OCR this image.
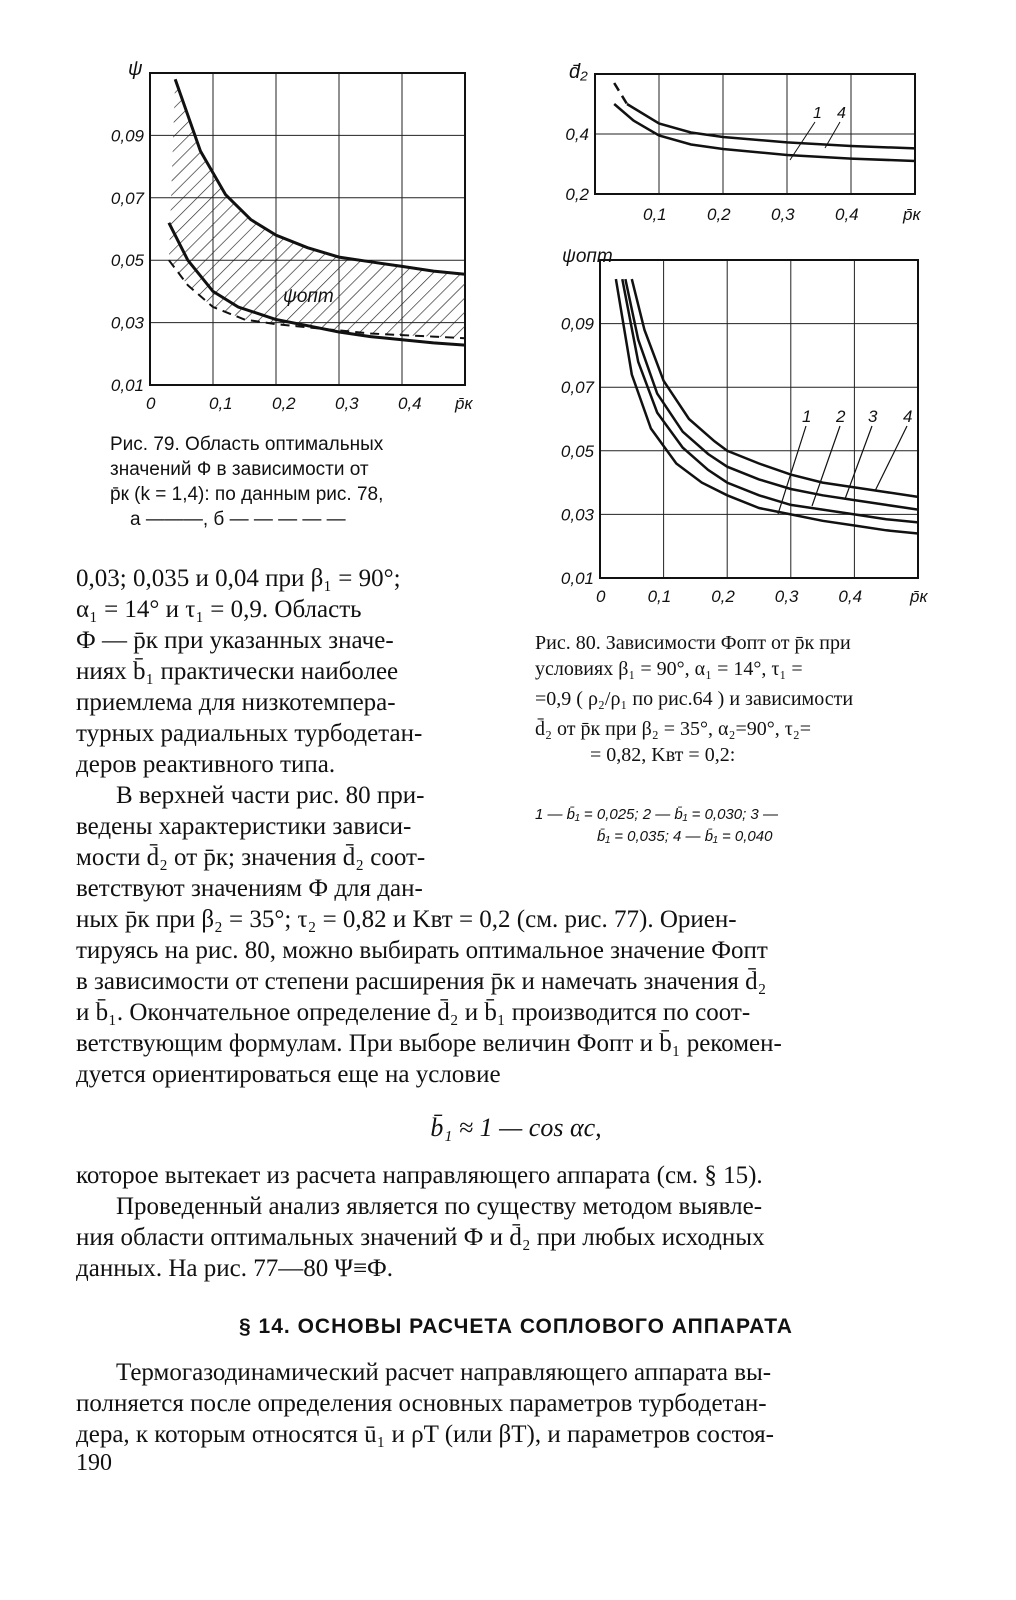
0,09
0,07
0,05
0,03
0,01
0	0,1 0,2 0,3 0,4 p̄к
ψ
ψопт
Рис. 79. Область оптимальных
значений Ф в зависимости от
p̄к (k = 1,4): по данным рис. 78,
а ———, б — — — — —
1 4
0,4
0,2
0,1 0,2 0,3 0,4	p̄к
d̄₂
1 2 3 4
0,09
0,07
0,05
0,03
0,01
0 0,1 0,2 0,3 0,4	p̄к
ψопт
Рис. 80. Зависимости Фопт от p̄к при
условиях β₁ = 90°, α₁ = 14°, τ₁ =
=0,9 ( ρ₂/ρ₁ по рис.64 ) и зависимости
d̄₂ от p̄к при β₂ = 35°, α₂=90°, τ₂=
= 0,82, Kвт = 0,2:
1 — b̄₁ = 0,025; 2 — b̄₁ = 0,030; 3 —
b̄₁ = 0,035; 4 — b̄₁ = 0,040
0,03; 0,035 и 0,04 при β₁ = 90°;
α₁ = 14° и τ₁ = 0,9. Область
Ф — p̄к при указанных значе-
ниях b̄₁ практически наиболее
приемлема для низкотемпера-
турных радиальных турбодетан-
деров реактивного типа.
В верхней части рис. 80 при-
ведены характеристики зависи-
мости d̄₂ от p̄к; значения d̄₂ соот-
ветствуют значениям Ф для дан-
ных p̄к при β₂ = 35°; τ₂ = 0,82 и Kвт = 0,2 (см. рис. 77). Ориен-
тируясь на рис. 80, можно выбирать оптимальное значение Фопт
в зависимости от степени расширения p̄к и намечать значения d̄₂
и b̄₁. Окончательное определение d̄₂ и b̄₁ производится по соот-
ветствующим формулам. При выборе величин Фопт и b̄₁ рекомен-
дуется ориентироваться еще на условие
b̄₁ ≈ 1 — cos αс,
которое вытекает из расчета направляющего аппарата (см. § 15).
Проведенный анализ является по существу методом выявле-
ния области оптимальных значений Ф и d̄₂ при любых исходных
данных. На рис. 77—80 Ψ≡Ф.
§ 14. ОСНОВЫ РАСЧЕТА СОПЛОВОГО АППАРАТА
Термогазодинамический расчет направляющего аппарата вы-
полняется после определения основных параметров турбодетан-
дера, к которым относятся ū₁ и ρT (или βT), и параметров состоя-
190
